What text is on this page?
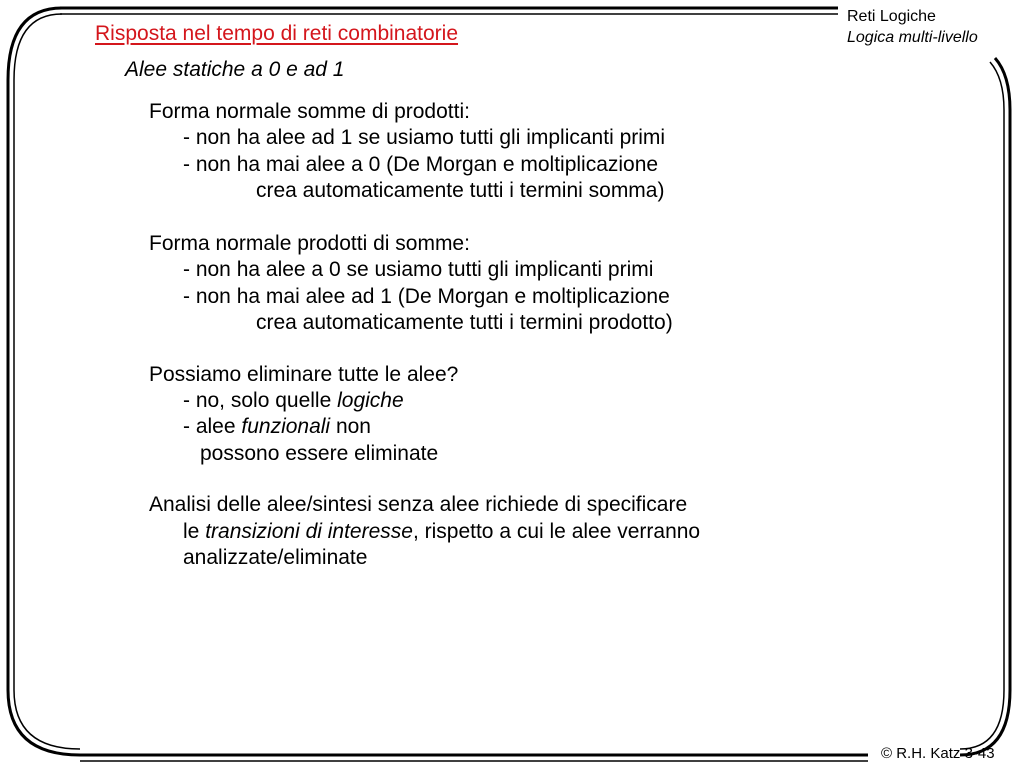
Reti Logiche
Logica multi-livello
Risposta nel tempo di reti combinatorie
Alee statiche a 0 e ad 1
Forma normale somme di prodotti:
- non ha alee ad 1 se usiamo tutti gli implicanti primi
- non ha mai alee a 0 (De Morgan e moltiplicazione
crea automaticamente tutti i termini somma)
Forma normale prodotti di somme:
- non ha alee a 0 se usiamo tutti gli implicanti primi
- non ha mai alee ad 1 (De Morgan e moltiplicazione
crea automaticamente tutti i termini prodotto)
Possiamo eliminare tutte le alee?
- no, solo quelle logiche
- alee funzionali non
possono essere eliminate
Analisi delle alee/sintesi senza alee richiede di specificare
le transizioni di interesse, rispetto a cui le alee verranno
analizzate/eliminate
© R.H. Katz 3-43
